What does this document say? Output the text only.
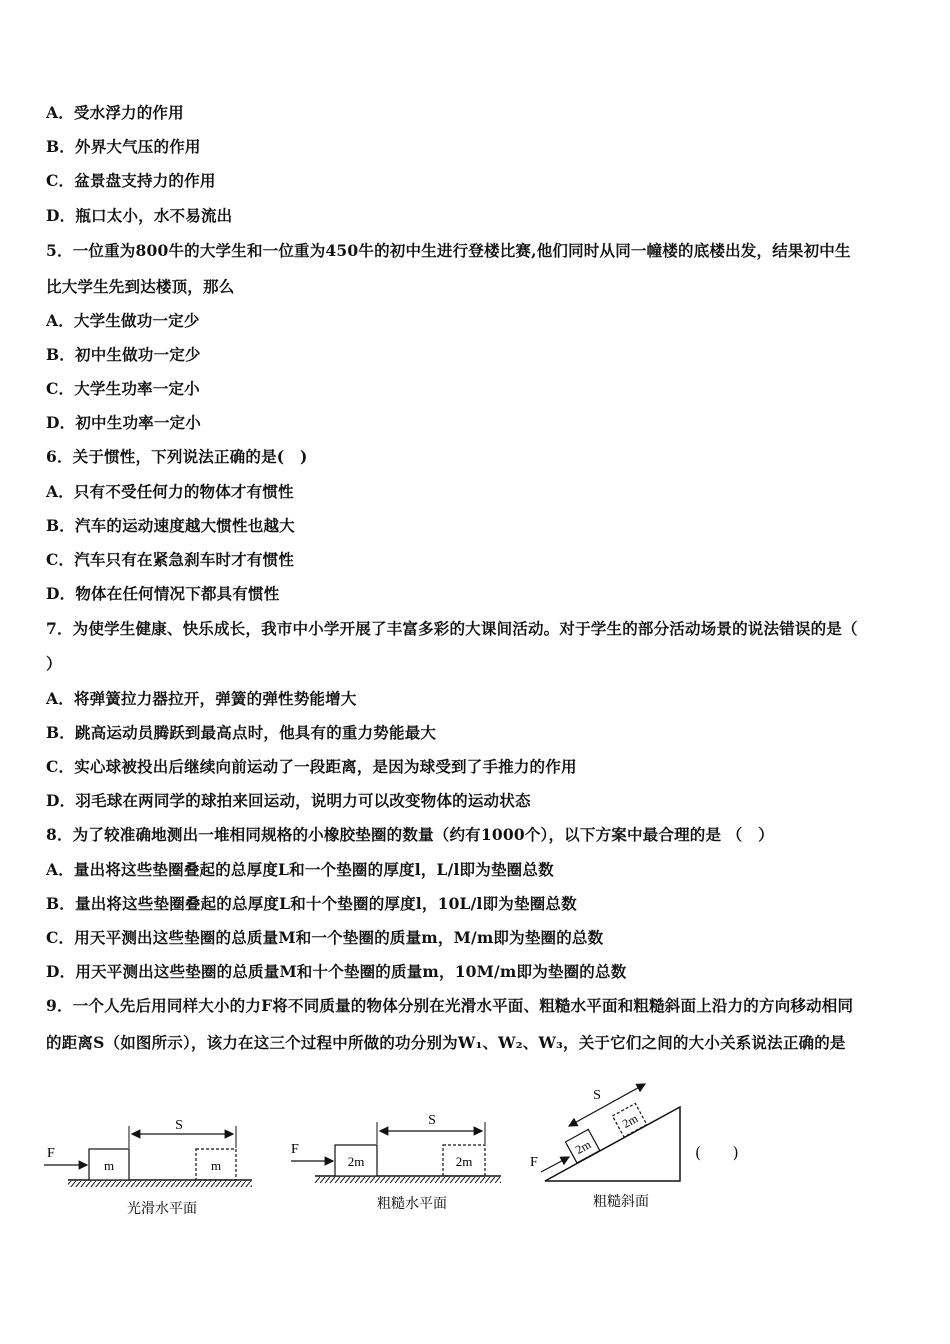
A．受水浮力的作用
B．外界大气压的作用
C．盆景盘支持力的作用
D．瓶口太小，水不易流出
5．一位重为800牛的大学生和一位重为450牛的初中生进行登楼比赛,他们同时从同一幢楼的底楼出发，结果初中生
比大学生先到达楼顶，那么
A．大学生做功一定少
B．初中生做功一定少
C．大学生功率一定小
D．初中生功率一定小
6．关于惯性，下列说法正确的是(　)
A．只有不受任何力的物体才有惯性
B．汽车的运动速度越大惯性也越大
C．汽车只有在紧急刹车时才有惯性
D．物体在任何情况下都具有惯性
7．为使学生健康、快乐成长，我市中小学开展了丰富多彩的大课间活动。对于学生的部分活动场景的说法错误的是（
）
A．将弹簧拉力器拉开，弹簧的弹性势能增大
B．跳高运动员腾跃到最高点时，他具有的重力势能最大
C．实心球被投出后继续向前运动了一段距离，是因为球受到了手推力的作用
D．羽毛球在两同学的球拍来回运动，说明力可以改变物体的运动状态
8．为了较准确地测出一堆相同规格的小橡胶垫圈的数量（约有1000个），以下方案中最合理的是 （　）
A．量出将这些垫圈叠起的总厚度L和一个垫圈的厚度l，L/l即为垫圈总数
B．量出将这些垫圈叠起的总厚度L和十个垫圈的厚度l，10L/l即为垫圈总数
C．用天平测出这些垫圈的总质量M和一个垫圈的质量m，M/m即为垫圈的总数
D．用天平测出这些垫圈的总质量M和十个垫圈的质量m，10M/m即为垫圈的总数
9．一个人先后用同样大小的力F将不同质量的物体分别在光滑水平面、粗糙水平面和粗糙斜面上沿力的方向移动相同
的距离S（如图所示），该力在这三个过程中所做的功分别为W₁、W₂、W₃，关于它们之间的大小关系说法正确的是
m	m
F
S
光滑水平面
2m	2m
F
S
粗糙水平面
2m
2m
F
S
粗糙斜面
(　　)
